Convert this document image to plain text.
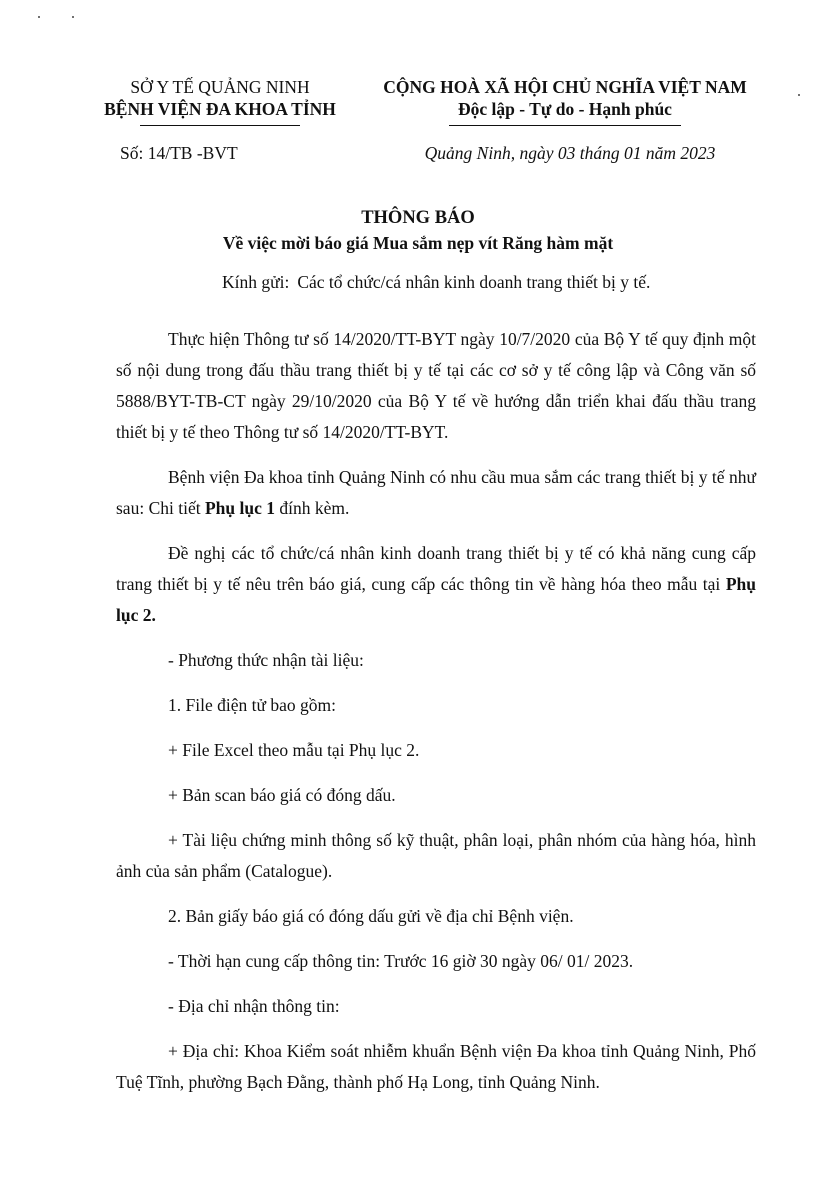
SỞ Y TẾ QUẢNG NINH
BỆNH VIỆN ĐA KHOA TỈNH
CỘNG HOÀ XÃ HỘI CHỦ NGHĨA VIỆT NAM
Độc lập - Tự do - Hạnh phúc
Số: 14/TB -BVT	Quảng Ninh, ngày 03 tháng 01 năm 2023
THÔNG BÁO
Về việc mời báo giá Mua sắm nẹp vít Răng hàm mặt
Kính gửi: Các tổ chức/cá nhân kinh doanh trang thiết bị y tế.

Thực hiện Thông tư số 14/2020/TT-BYT ngày 10/7/2020 của Bộ Y tế quy định một số nội dung trong đấu thầu trang thiết bị y tế tại các cơ sở y tế công lập và Công văn số 5888/BYT-TB-CT ngày 29/10/2020 của Bộ Y tế về hướng dẫn triển khai đấu thầu trang thiết bị y tế theo Thông tư số 14/2020/TT-BYT.

Bệnh viện Đa khoa tỉnh Quảng Ninh có nhu cầu mua sắm các trang thiết bị y tế như sau: Chi tiết Phụ lục 1 đính kèm.

Đề nghị các tổ chức/cá nhân kinh doanh trang thiết bị y tế có khả năng cung cấp trang thiết bị y tế nêu trên báo giá, cung cấp các thông tin về hàng hóa theo mẫu tại Phụ lục 2.

- Phương thức nhận tài liệu:

1. File điện tử bao gồm:

+ File Excel theo mẫu tại Phụ lục 2.

+ Bản scan báo giá có đóng dấu.

+ Tài liệu chứng minh thông số kỹ thuật, phân loại, phân nhóm của hàng hóa, hình ảnh của sản phẩm (Catalogue).

2. Bản giấy báo giá có đóng dấu gửi về địa chỉ Bệnh viện.

- Thời hạn cung cấp thông tin: Trước 16 giờ 30 ngày 06/ 01/ 2023.

- Địa chỉ nhận thông tin:

+ Địa chỉ: Khoa Kiểm soát nhiễm khuẩn Bệnh viện Đa khoa tỉnh Quảng Ninh, Phố Tuệ Tĩnh, phường Bạch Đằng, thành phố Hạ Long, tỉnh Quảng Ninh.
